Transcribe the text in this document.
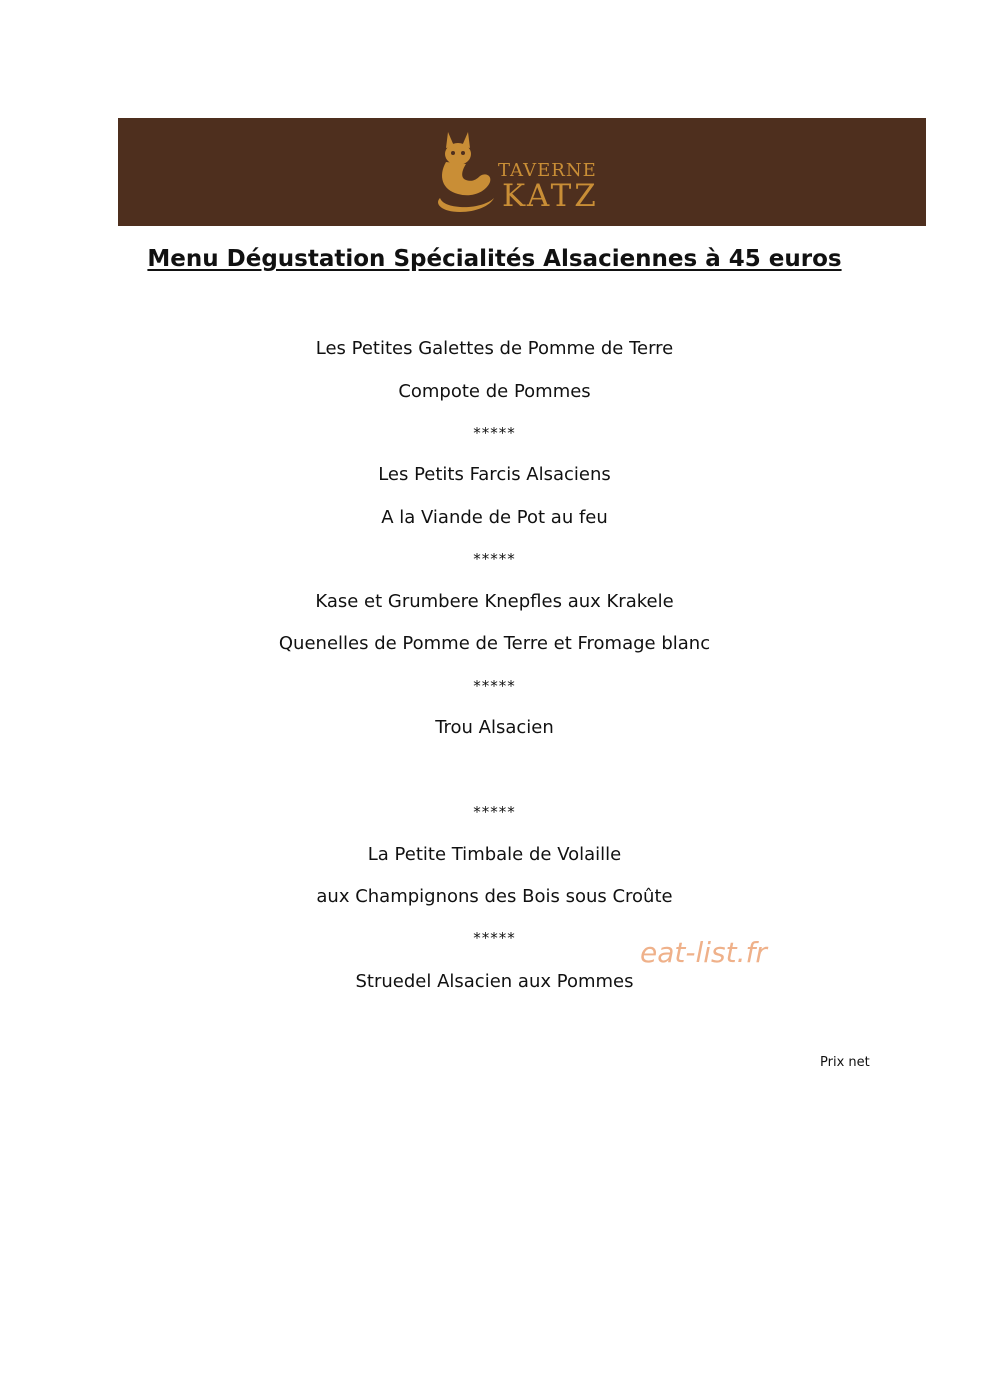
TAVERNE
KATZ
Menu Dégustation Spécialités Alsaciennes à 45 euros
Les Petites Galettes de Pomme de Terre
Compote de Pommes
*****
Les Petits Farcis Alsaciens
A la Viande de Pot au feu
*****
Kase et Grumbere Knepfles aux Krakele
Quenelles de Pomme de Terre et Fromage blanc
*****
Trou Alsacien
*****
La Petite Timbale de Volaille
aux Champignons des Bois sous Croûte
*****
Struedel Alsacien aux Pommes
eat-list.fr
Prix net
